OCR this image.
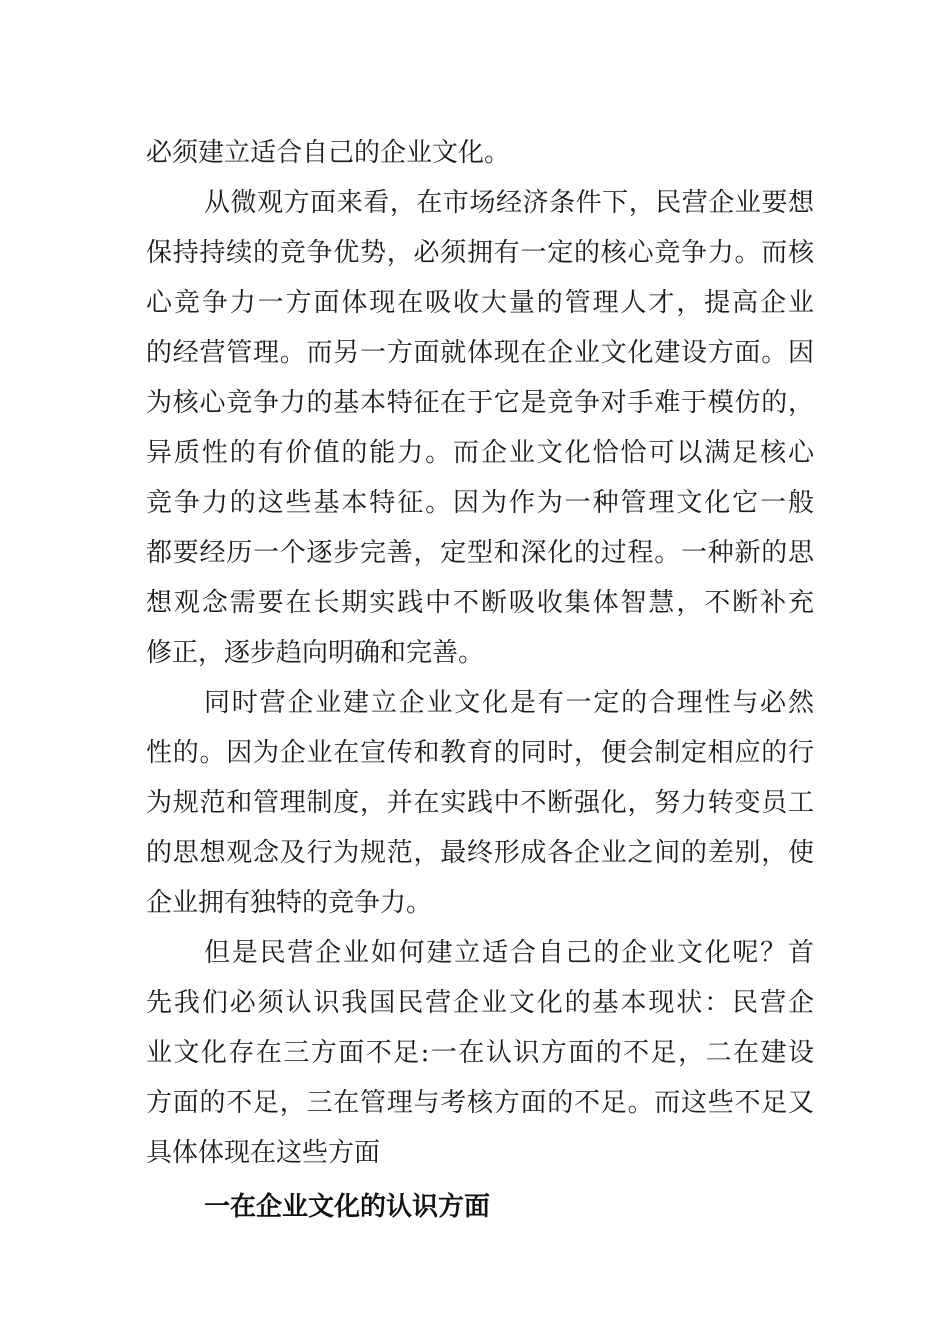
必须建立适合自己的企业文化。
从微观方面来看，在市场经济条件下，民营企业要想
保持持续的竞争优势，必须拥有一定的核心竞争力。而核
心竞争力一方面体现在吸收大量的管理人才，提高企业
的经营管理。而另一方面就体现在企业文化建设方面。因
为核心竞争力的基本特征在于它是竞争对手难于模仿的，
异质性的有价值的能力。而企业文化恰恰可以满足核心
竞争力的这些基本特征。因为作为一种管理文化它一般
都要经历一个逐步完善，定型和深化的过程。一种新的思
想观念需要在长期实践中不断吸收集体智慧，不断补充
修正，逐步趋向明确和完善。
同时营企业建立企业文化是有一定的合理性与必然
性的。因为企业在宣传和教育的同时，便会制定相应的行
为规范和管理制度，并在实践中不断强化，努力转变员工
的思想观念及行为规范，最终形成各企业之间的差别，使
企业拥有独特的竞争力。
但是民营企业如何建立适合自己的企业文化呢？首
先我们必须认识我国民营企业文化的基本现状：民营企
业文化存在三方面不足:一在认识方面的不足，二在建设
方面的不足，三在管理与考核方面的不足。而这些不足又
具体体现在这些方面
一在企业文化的认识方面
